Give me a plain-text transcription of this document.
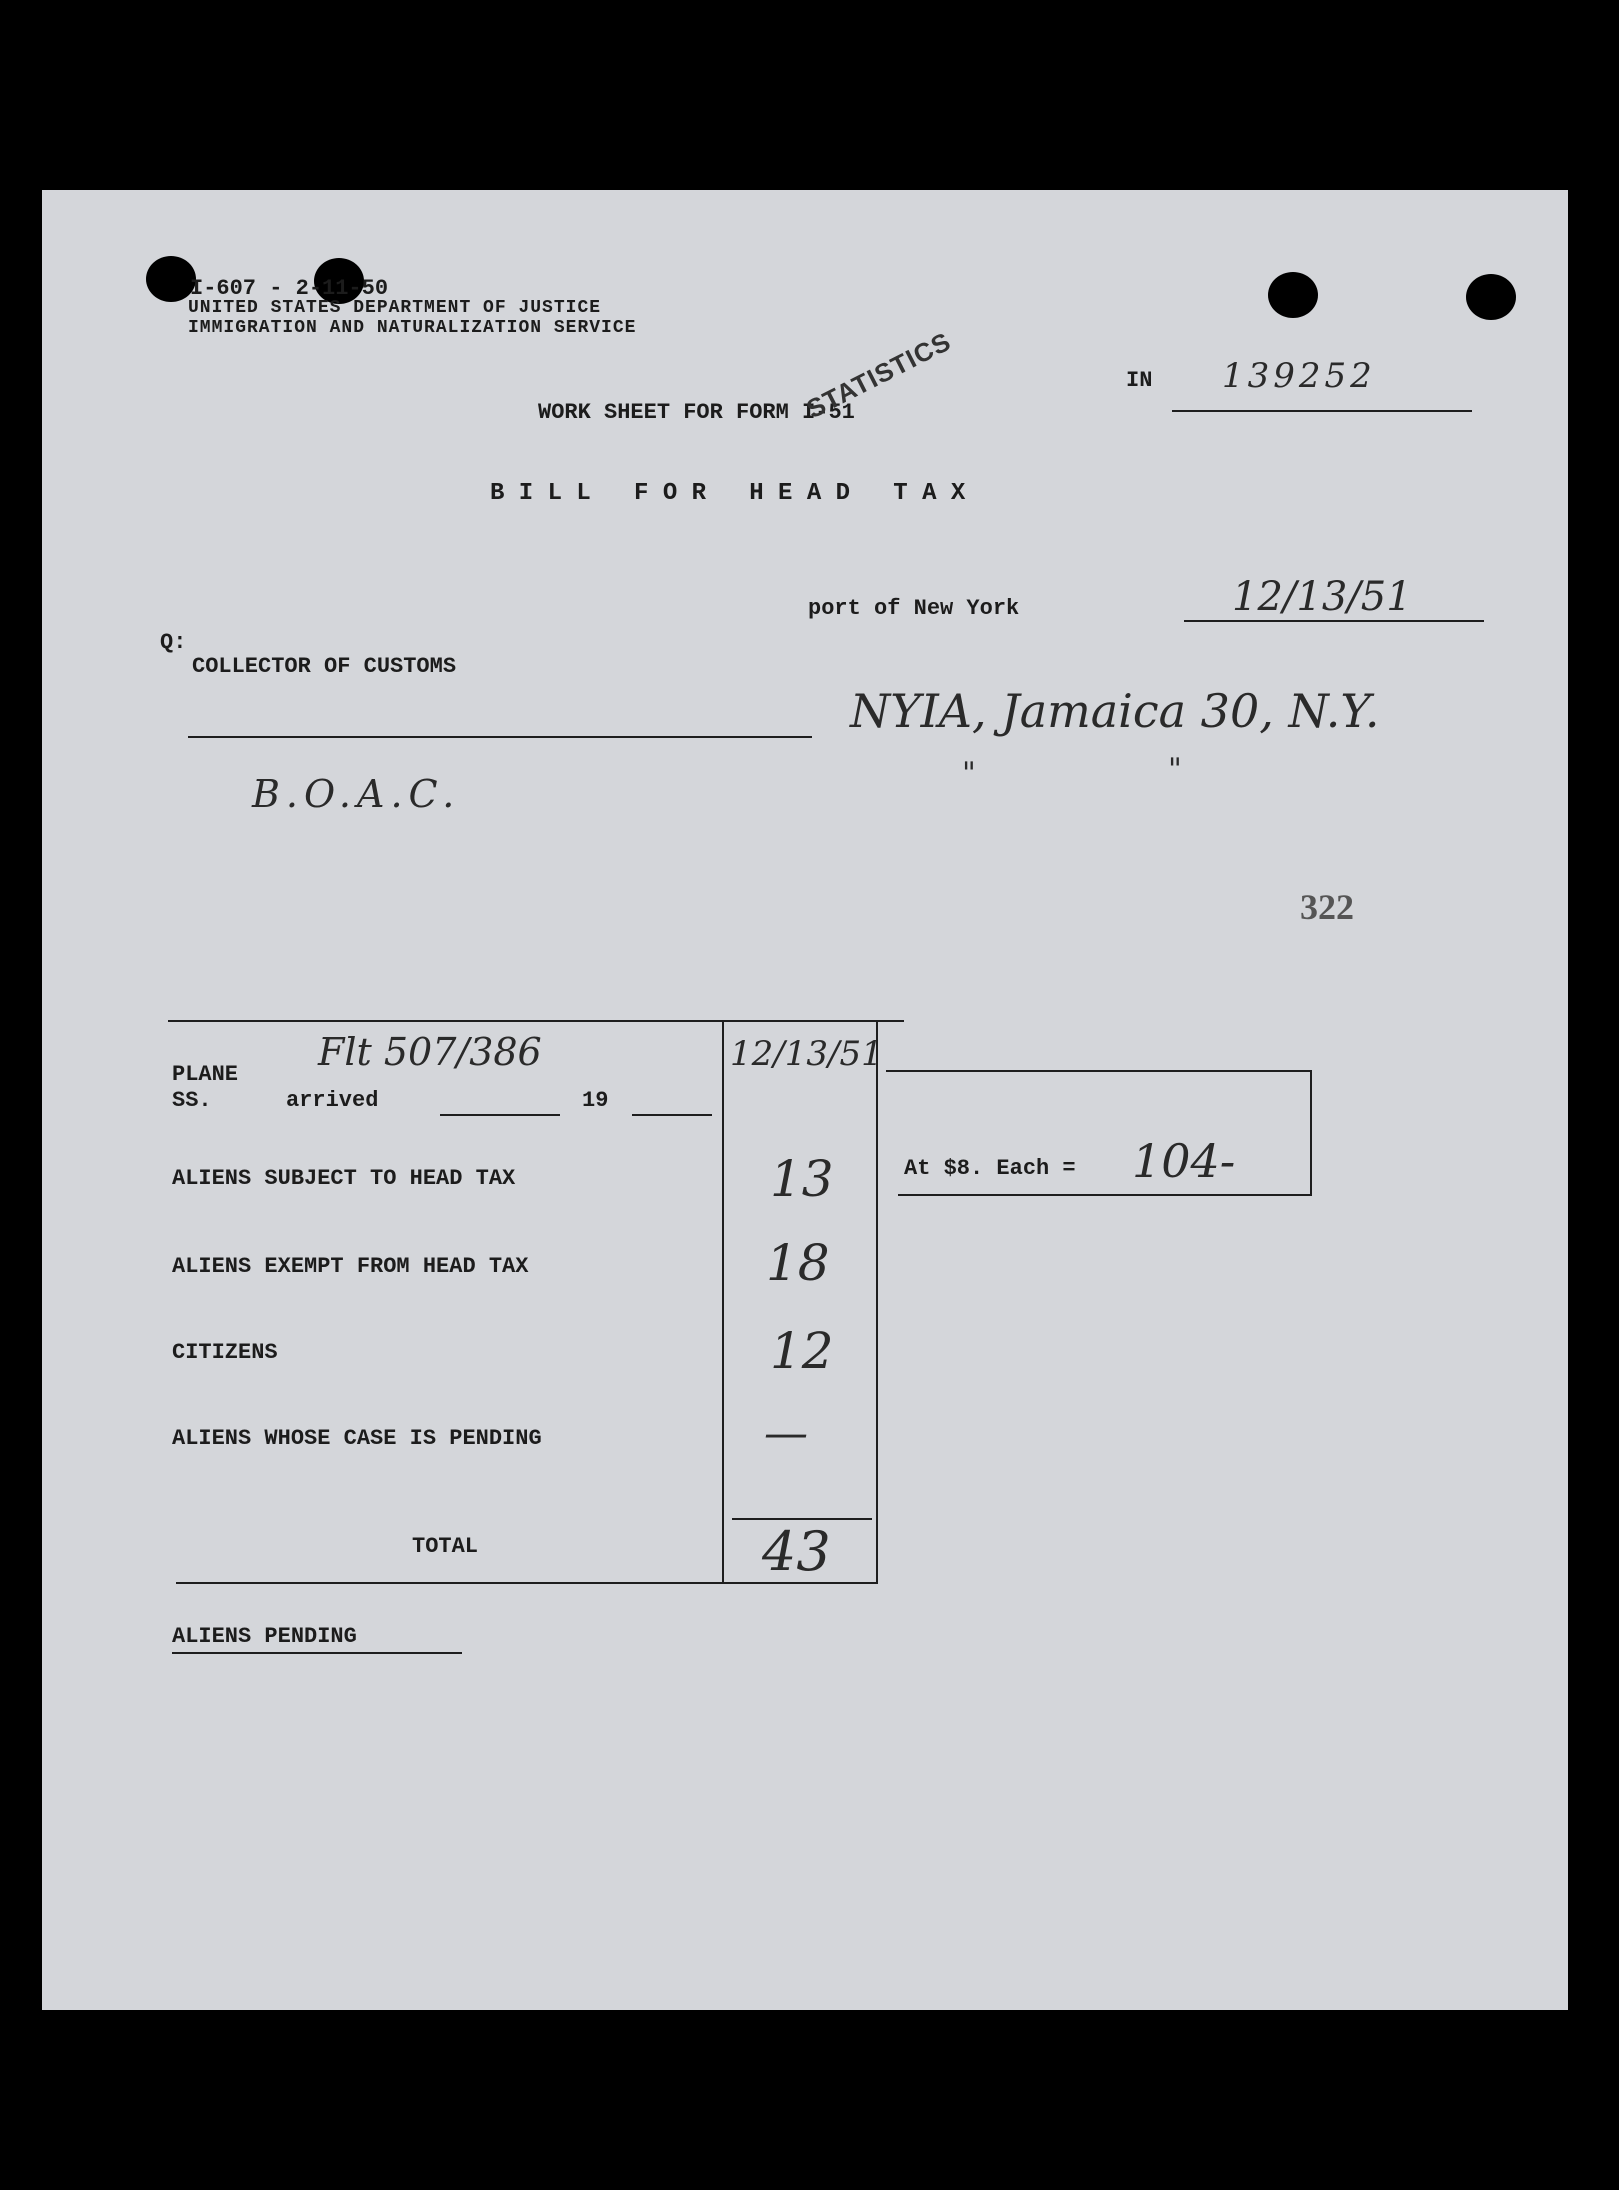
I-607 - 2-11-50
UNITED STATES DEPARTMENT OF JUSTICE
IMMIGRATION AND NATURALIZATION SERVICE
IN 139252
WORK SHEET FOR FORM I-51
STATISTICS
B I L L   F O R   H E A D   T A X
port of New York	12/13/51
Q:
COLLECTOR OF CUSTOMS
NYIA, Jamaica 30, N.Y.
"	"
B.O.A.C.
322
PLANE
Flt 507/386
SS.	arrived	19
12/13/51
ALIENS SUBJECT TO HEAD TAX	13
ALIENS EXEMPT FROM HEAD TAX	18
CITIZENS	12
ALIENS WHOSE CASE IS PENDING	—
TOTAL	43
At $8. Each = 104-
ALIENS PENDING
